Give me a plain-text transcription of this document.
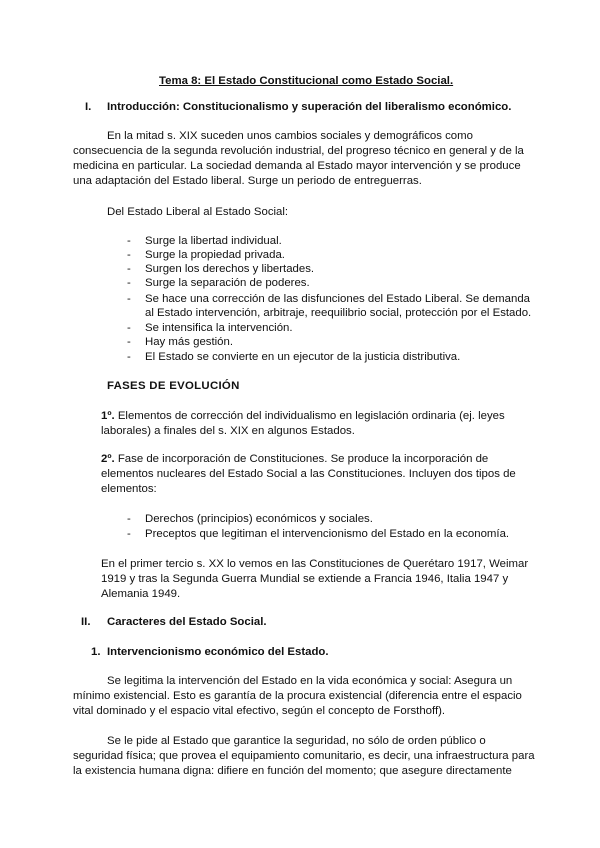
Tema 8: El Estado Constitucional como Estado Social.
I. Introducción: Constitucionalismo y superación del liberalismo económico.
En la mitad s. XIX suceden unos cambios sociales y demográficos como
consecuencia de la segunda revolución industrial, del progreso técnico en general y de la
medicina en particular. La sociedad demanda al Estado mayor intervención y se produce
una adaptación del Estado liberal. Surge un periodo de entreguerras.
Del Estado Liberal al Estado Social:
- Surge la libertad individual.
- Surge la propiedad privada.
- Surgen los derechos y libertades.
- Surge la separación de poderes.
- Se hace una corrección de las disfunciones del Estado Liberal. Se demanda
al Estado intervención, arbitraje, reequilibrio social, protección por el Estado.
- Se intensifica la intervención.
- Hay más gestión.
- El Estado se convierte en un ejecutor de la justicia distributiva.
FASES DE EVOLUCIÓN
1º. Elementos de corrección del individualismo en legislación ordinaria (ej. leyes
laborales) a finales del s. XIX en algunos Estados.
2º. Fase de incorporación de Constituciones. Se produce la incorporación de
elementos nucleares del Estado Social a las Constituciones. Incluyen dos tipos de
elementos:
- Derechos (principios) económicos y sociales.
- Preceptos que legitiman el intervencionismo del Estado en la economía.
En el primer tercio s. XX lo vemos en las Constituciones de Querétaro 1917, Weimar
1919 y tras la Segunda Guerra Mundial se extiende a Francia 1946, Italia 1947 y
Alemania 1949.
II. Caracteres del Estado Social.
1. Intervencionismo económico del Estado.
Se legitima la intervención del Estado en la vida económica y social: Asegura un
mínimo existencial. Esto es garantía de la procura existencial (diferencia entre el espacio
vital dominado y el espacio vital efectivo, según el concepto de Forsthoff).
Se le pide al Estado que garantice la seguridad, no sólo de orden público o
seguridad física; que provea el equipamiento comunitario, es decir, una infraestructura para
la existencia humana digna: difiere en función del momento; que asegure directamente
